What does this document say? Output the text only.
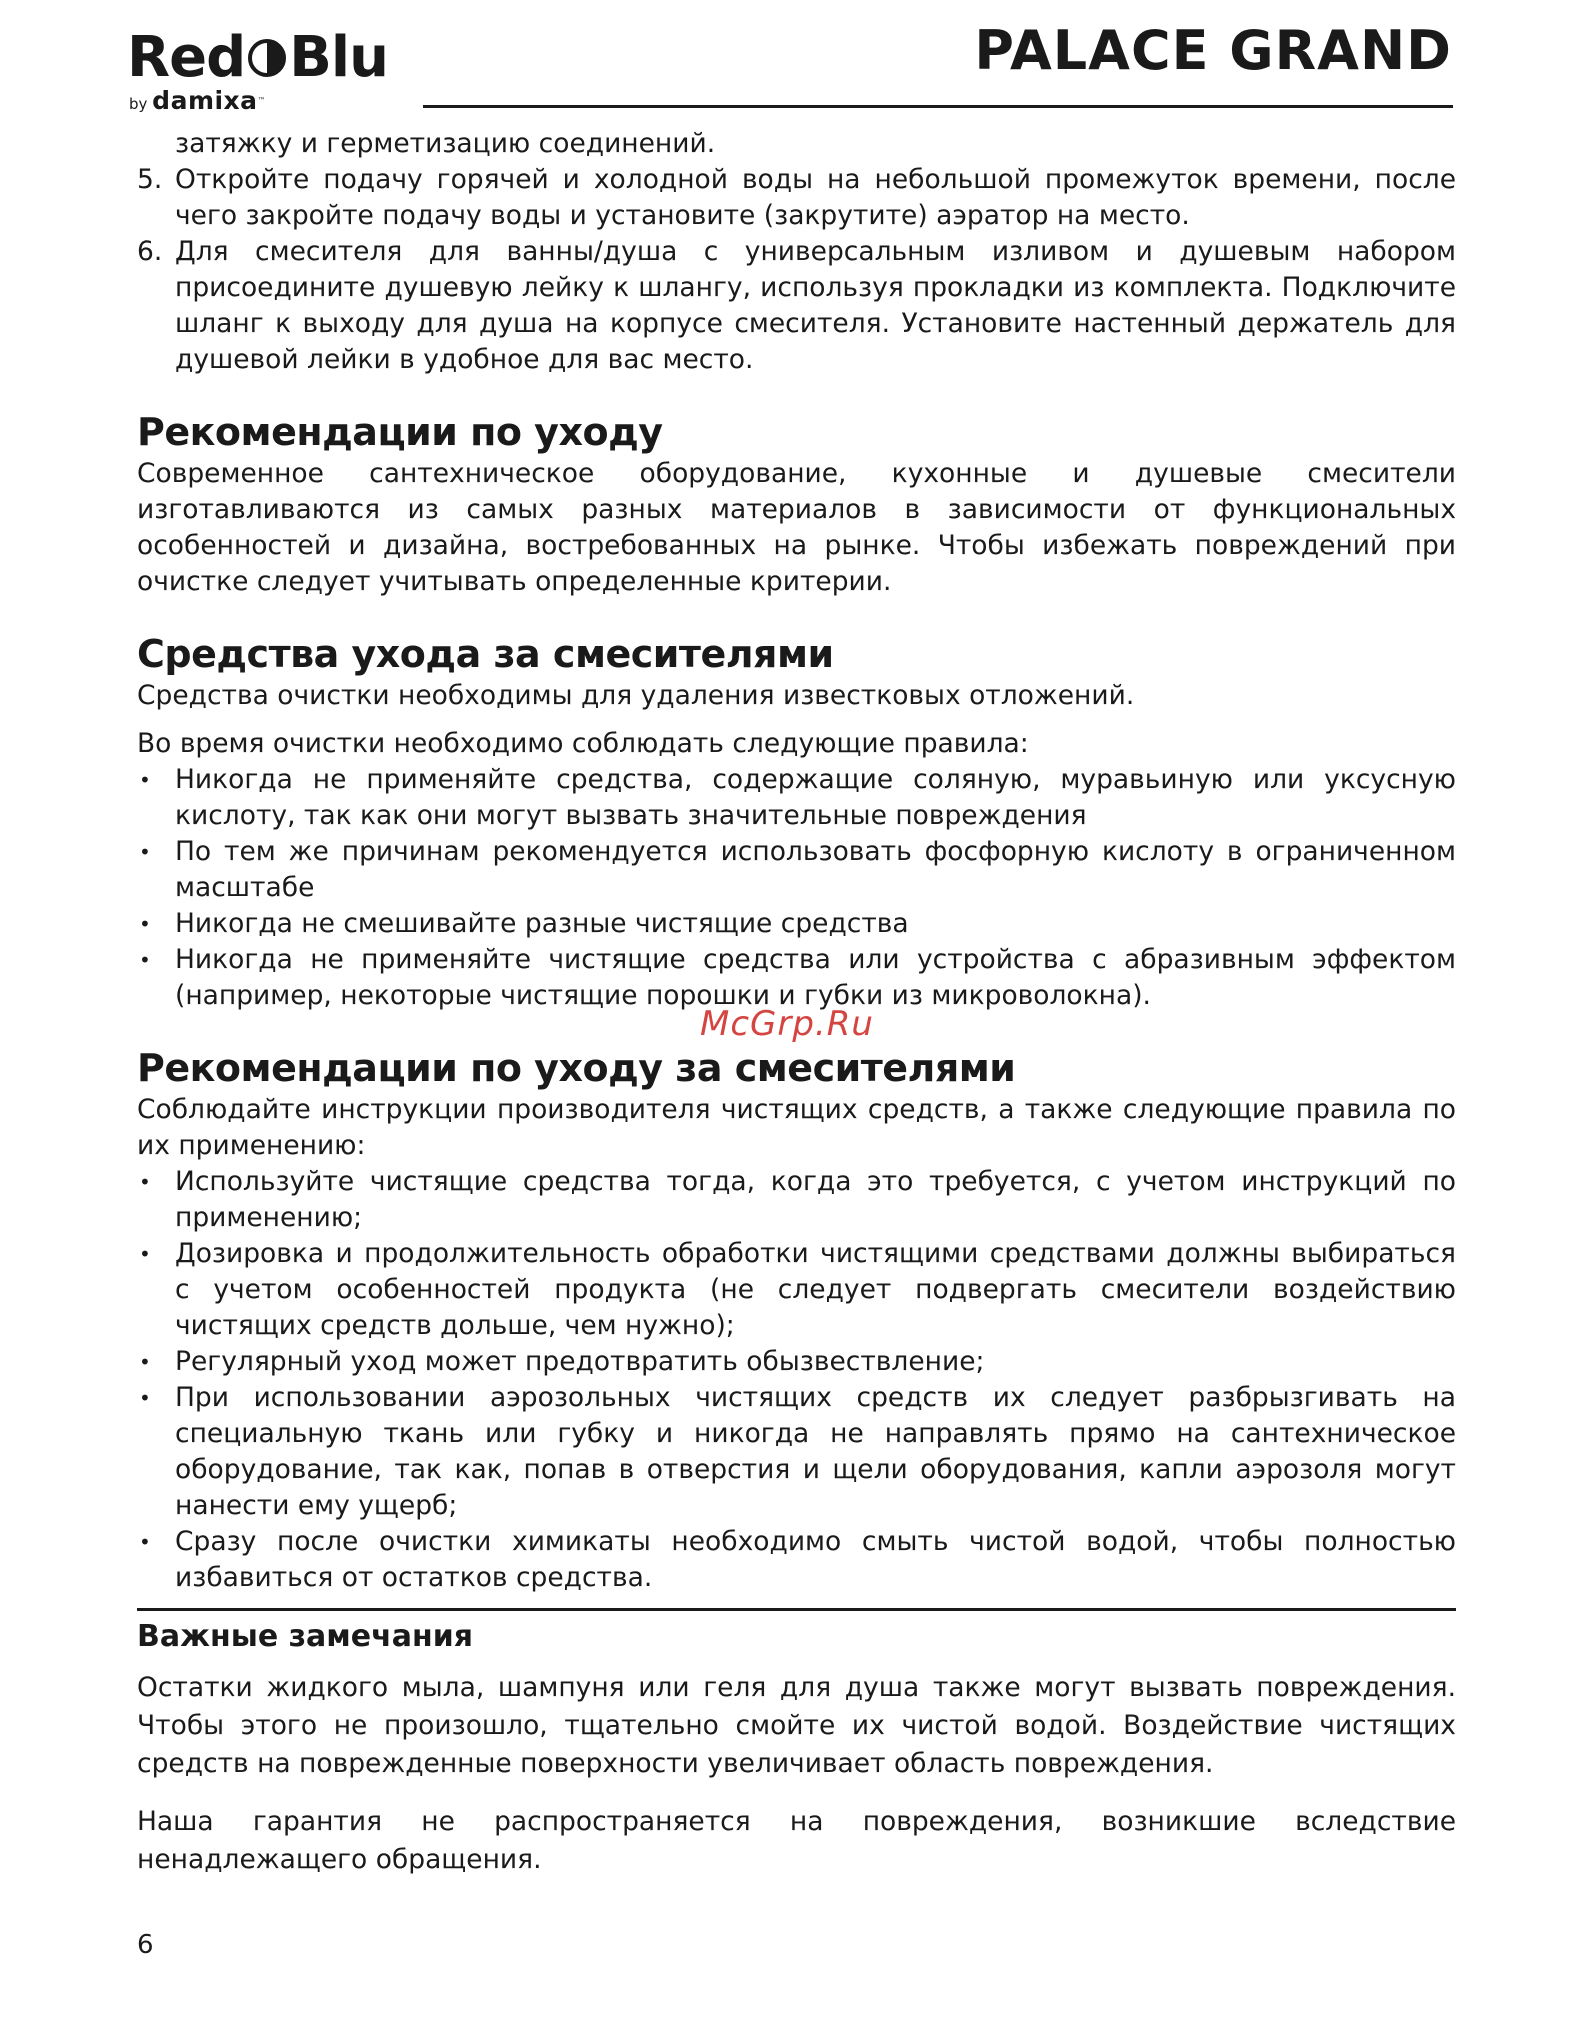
Red Blu
by damixa™
PALACE GRAND

затяжку и герметизацию соединений.

5. Откройте подачу горячей и холодной воды на небольшой промежуток времени, после чего закройте подачу воды и установите (закрутите) аэратор на место.
6. Для смесителя для ванны/душа с универсальным изливом и душевым набором присоедините душевую лейку к шлангу, используя прокладки из комплекта. Подключите шланг к выходу для душа на корпусе смесителя. Установите настенный держатель для душевой лейки в удобное для вас место.
Рекомендации по уходу

Современное сантехническое оборудование, кухонные и душевые смесители изготавливаются из самых разных материалов в зависимости от функциональных особенностей и дизайна, востребованных на рынке. Чтобы избежать повреждений при очистке следует учитывать определенные критерии.

Средства ухода за смесителями

Средства очистки необходимы для удаления известковых отложений.

Во время очистки необходимо соблюдать следующие правила:

• Никогда не применяйте средства, содержащие соляную, муравьиную или уксусную кислоту, так как они могут вызвать значительные повреждения
• По тем же причинам рекомендуется использовать фосфорную кислоту в ограниченном масштабе
• Никогда не смешивайте разные чистящие средства
• Никогда не применяйте чистящие средства или устройства с абразивным эффектом (например, некоторые чистящие порошки и губки из микроволокна).
Рекомендации по уходу за смесителями

Соблюдайте инструкции производителя чистящих средств, а также следующие правила по их применению:

• Используйте чистящие средства тогда, когда это требуется, с учетом инструкций по применению;
• Дозировка и продолжительность обработки чистящими средствами должны выбираться с учетом особенностей продукта (не следует подвергать смесители воздействию чистящих средств дольше, чем нужно);
• Регулярный уход может предотвратить обызвествление;
• При использовании аэрозольных чистящих средств их следует разбрызгивать на специальную ткань или губку и никогда не направлять прямо на сантехническое оборудование, так как, попав в отверстия и щели оборудования, капли аэрозоля могут нанести ему ущерб;
• Сразу после очистки химикаты необходимо смыть чистой водой, чтобы полностью избавиться от остатков средства.
Важные замечания

Остатки жидкого мыла, шампуня или геля для душа также могут вызвать повреждения. Чтобы этого не произошло, тщательно смойте их чистой водой. Воздействие чистящих средств на поврежденные поверхности увеличивает область повреждения.

Наша гарантия не распространяется на повреждения, возникшие вследствие ненадлежащего обращения.

McGrp.Ru
6
